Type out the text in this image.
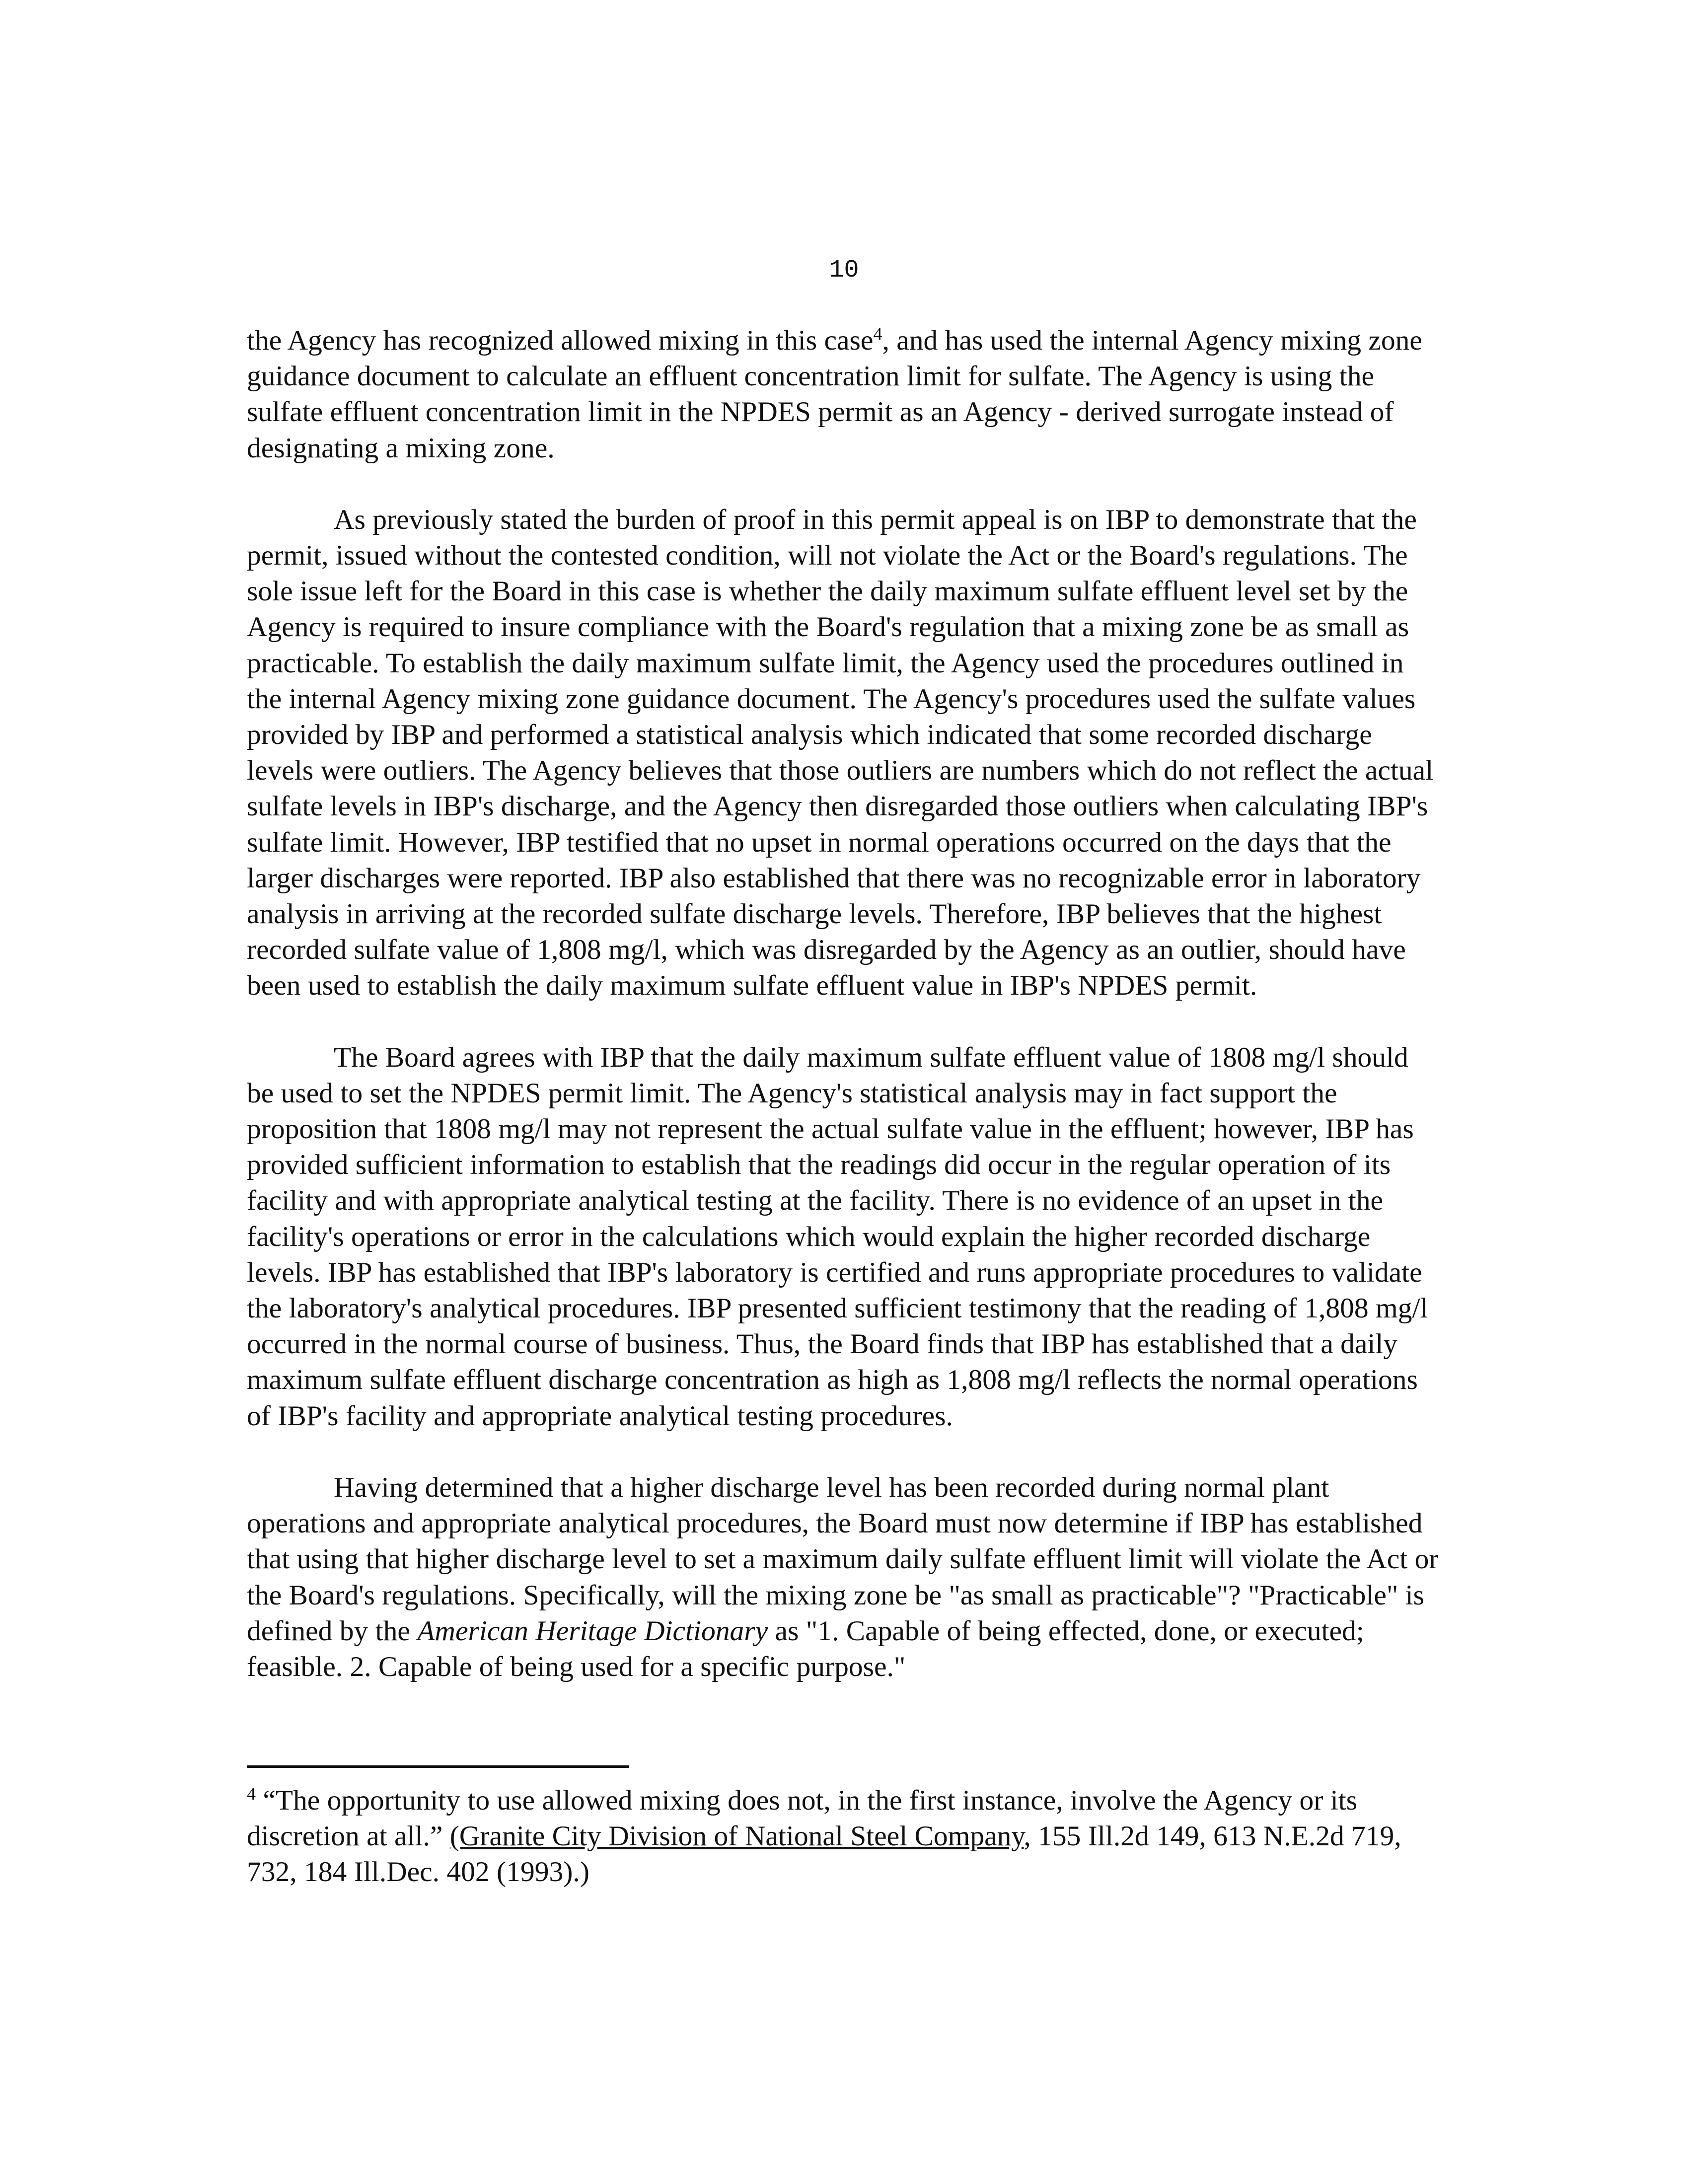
10

the Agency has recognized allowed mixing in this case$^4$, and has used the internal Agency mixing zone guidance document to calculate an effluent concentration limit for sulfate. The Agency is using the sulfate effluent concentration limit in the NPDES permit as an Agency - derived surrogate instead of designating a mixing zone.

As previously stated the burden of proof in this permit appeal is on IBP to demonstrate that the permit, issued without the contested condition, will not violate the Act or the Board's regulations. The sole issue left for the Board in this case is whether the daily maximum sulfate effluent level set by the Agency is required to insure compliance with the Board's regulation that a mixing zone be as small as practicable. To establish the daily maximum sulfate limit, the Agency used the procedures outlined in the internal Agency mixing zone guidance document. The Agency's procedures used the sulfate values provided by IBP and performed a statistical analysis which indicated that some recorded discharge levels were outliers. The Agency believes that those outliers are numbers which do not reflect the actual sulfate levels in IBP's discharge, and the Agency then disregarded those outliers when calculating IBP's sulfate limit. However, IBP testified that no upset in normal operations occurred on the days that the larger discharges were reported. IBP also established that there was no recognizable error in laboratory analysis in arriving at the recorded sulfate discharge levels. Therefore, IBP believes that the highest recorded sulfate value of 1,808 mg/l, which was disregarded by the Agency as an outlier, should have been used to establish the daily maximum sulfate effluent value in IBP's NPDES permit.

The Board agrees with IBP that the daily maximum sulfate effluent value of 1808 mg/l should be used to set the NPDES permit limit. The Agency's statistical analysis may in fact support the proposition that 1808 mg/l may not represent the actual sulfate value in the effluent; however, IBP has provided sufficient information to establish that the readings did occur in the regular operation of its facility and with appropriate analytical testing at the facility. There is no evidence of an upset in the facility's operations or error in the calculations which would explain the higher recorded discharge levels. IBP has established that IBP's laboratory is certified and runs appropriate procedures to validate the laboratory's analytical procedures. IBP presented sufficient testimony that the reading of 1,808 mg/l occurred in the normal course of business. Thus, the Board finds that IBP has established that a daily maximum sulfate effluent discharge concentration as high as 1,808 mg/l reflects the normal operations of IBP's facility and appropriate analytical testing procedures.

Having determined that a higher discharge level has been recorded during normal plant operations and appropriate analytical procedures, the Board must now determine if IBP has established that using that higher discharge level to set a maximum daily sulfate effluent limit will violate the Act or the Board's regulations. Specifically, will the mixing zone be "as small as practicable"? "Practicable" is defined by the American Heritage Dictionary as "1. Capable of being effected, done, or executed; feasible. 2. Capable of being used for a specific purpose."

$^4$ “The opportunity to use allowed mixing does not, in the first instance, involve the Agency or its discretion at all.” (Granite City Division of National Steel Company, 155 Ill.2d 149, 613 N.E.2d 719, 732, 184 Ill.Dec. 402 (1993).)
